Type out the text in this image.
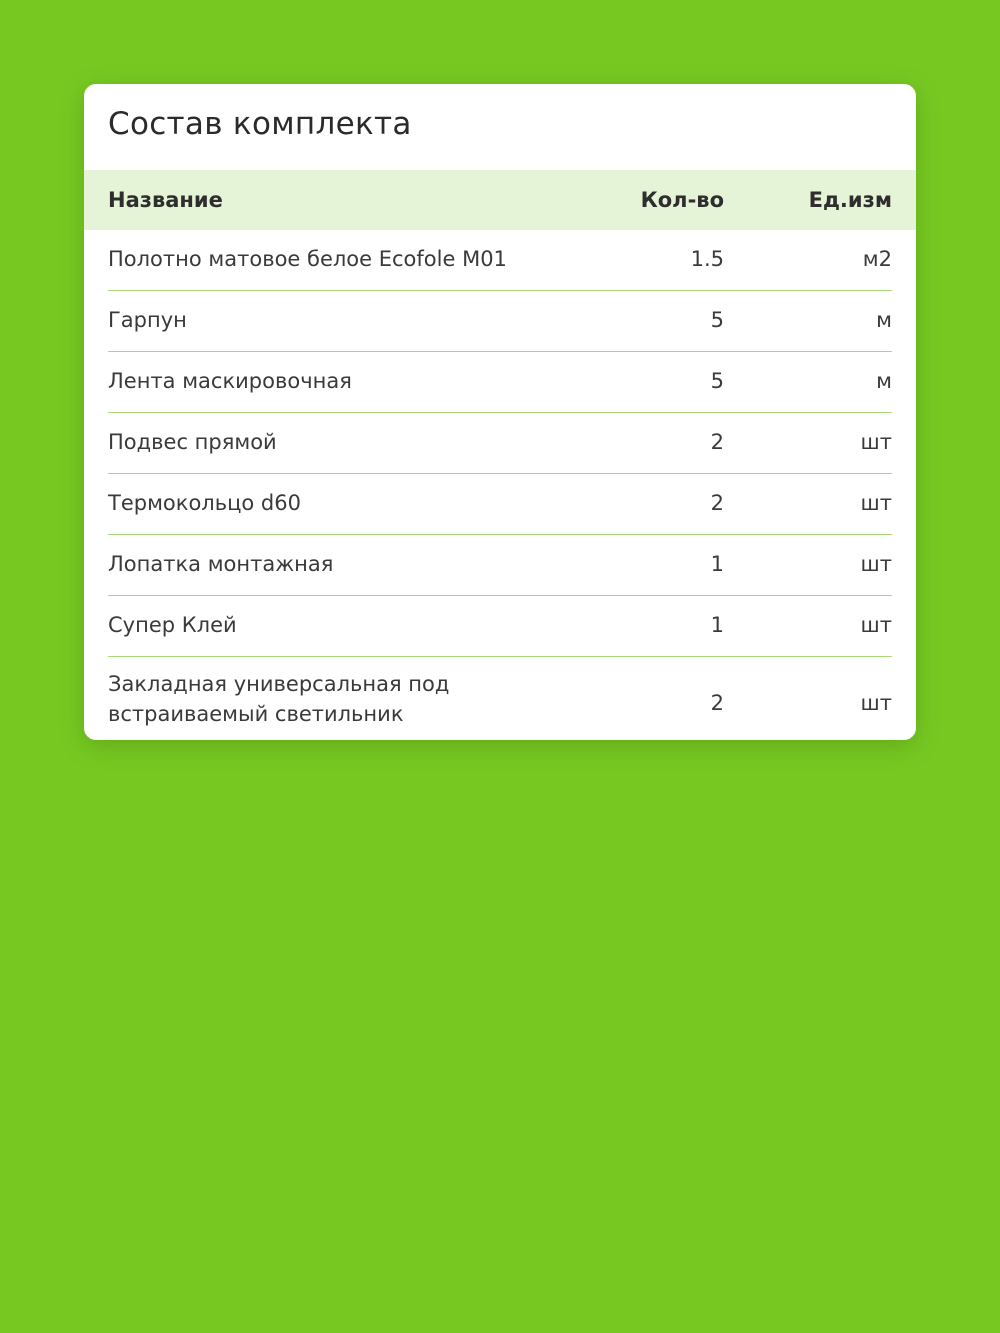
Состав комплекта
Название	Кол-во	Ед.изм
Полотно матовое белое Ecofole M01	1.5	м2
Гарпун	5	м
Лента маскировочная	5	м
Подвес прямой	2	шт
Термокольцо d60	2	шт
Лопатка монтажная	1	шт
Супер Клей	1	шт
Закладная универсальная под встраиваемый светильник	2	шт
